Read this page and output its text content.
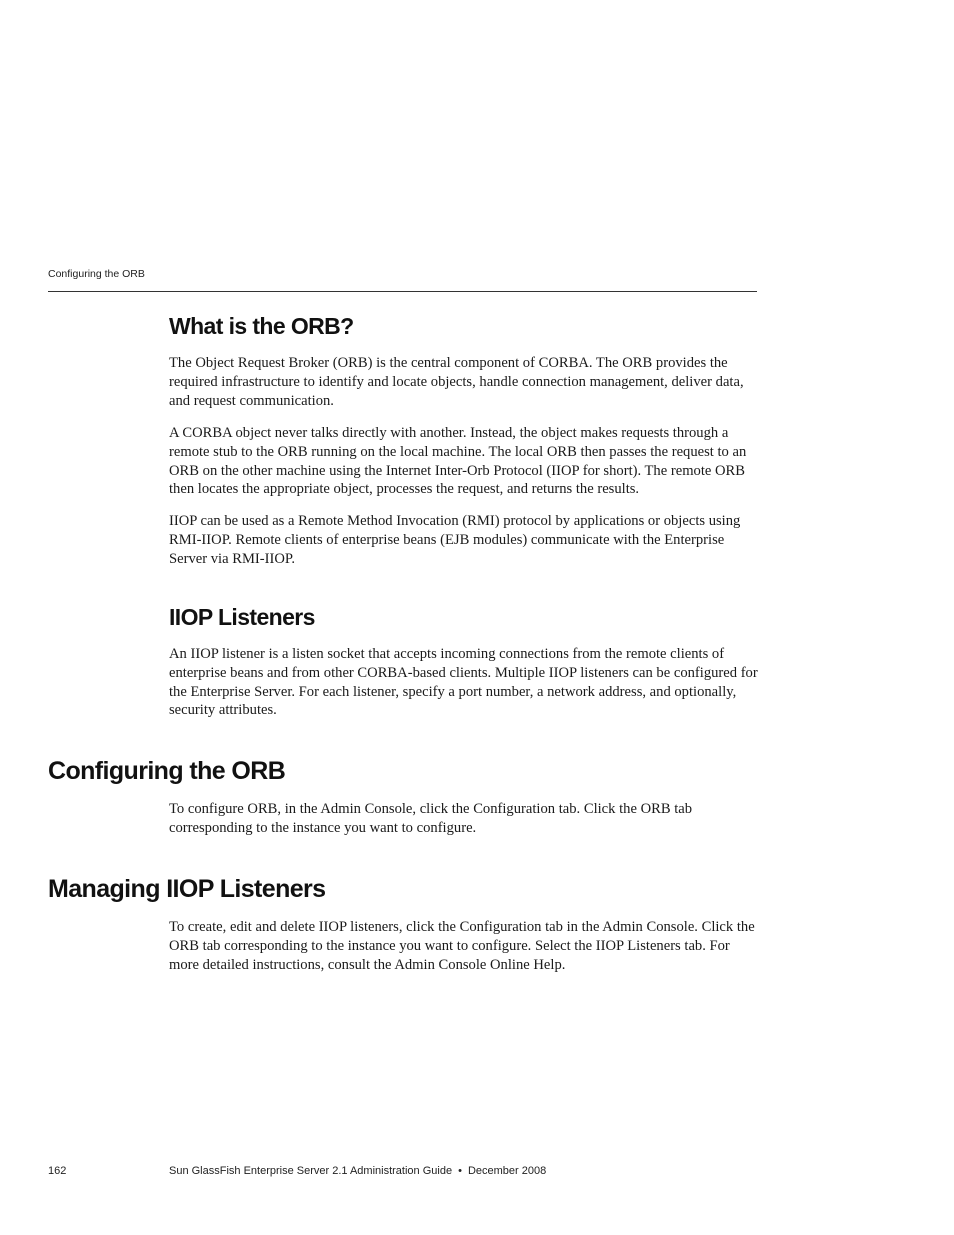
Configuring the ORB
What is the ORB?

The Object Request Broker (ORB) is the central component of CORBA. The ORB provides the required infrastructure to identify and locate objects, handle connection management, deliver data, and request communication.

A CORBA object never talks directly with another. Instead, the object makes requests through a remote stub to the ORB running on the local machine. The local ORB then passes the request to an ORB on the other machine using the Internet Inter-Orb Protocol (IIOP for short). The remote ORB then locates the appropriate object, processes the request, and returns the results.

IIOP can be used as a Remote Method Invocation (RMI) protocol by applications or objects using RMI-IIOP. Remote clients of enterprise beans (EJB modules) communicate with the Enterprise Server via RMI-IIOP.

IIOP Listeners

An IIOP listener is a listen socket that accepts incoming connections from the remote clients of enterprise beans and from other CORBA-based clients. Multiple IIOP listeners can be configured for the Enterprise Server. For each listener, specify a port number, a network address, and optionally, security attributes.

Configuring the ORB

To configure ORB, in the Admin Console, click the Configuration tab. Click the ORB tab corresponding to the instance you want to configure.

Managing IIOP Listeners

To create, edit and delete IIOP listeners, click the Configuration tab in the Admin Console. Click the ORB tab corresponding to the instance you want to configure. Select the IIOP Listeners tab. For more detailed instructions, consult the Admin Console Online Help.

162	Sun GlassFish Enterprise Server 2.1 Administration Guide • December 2008
